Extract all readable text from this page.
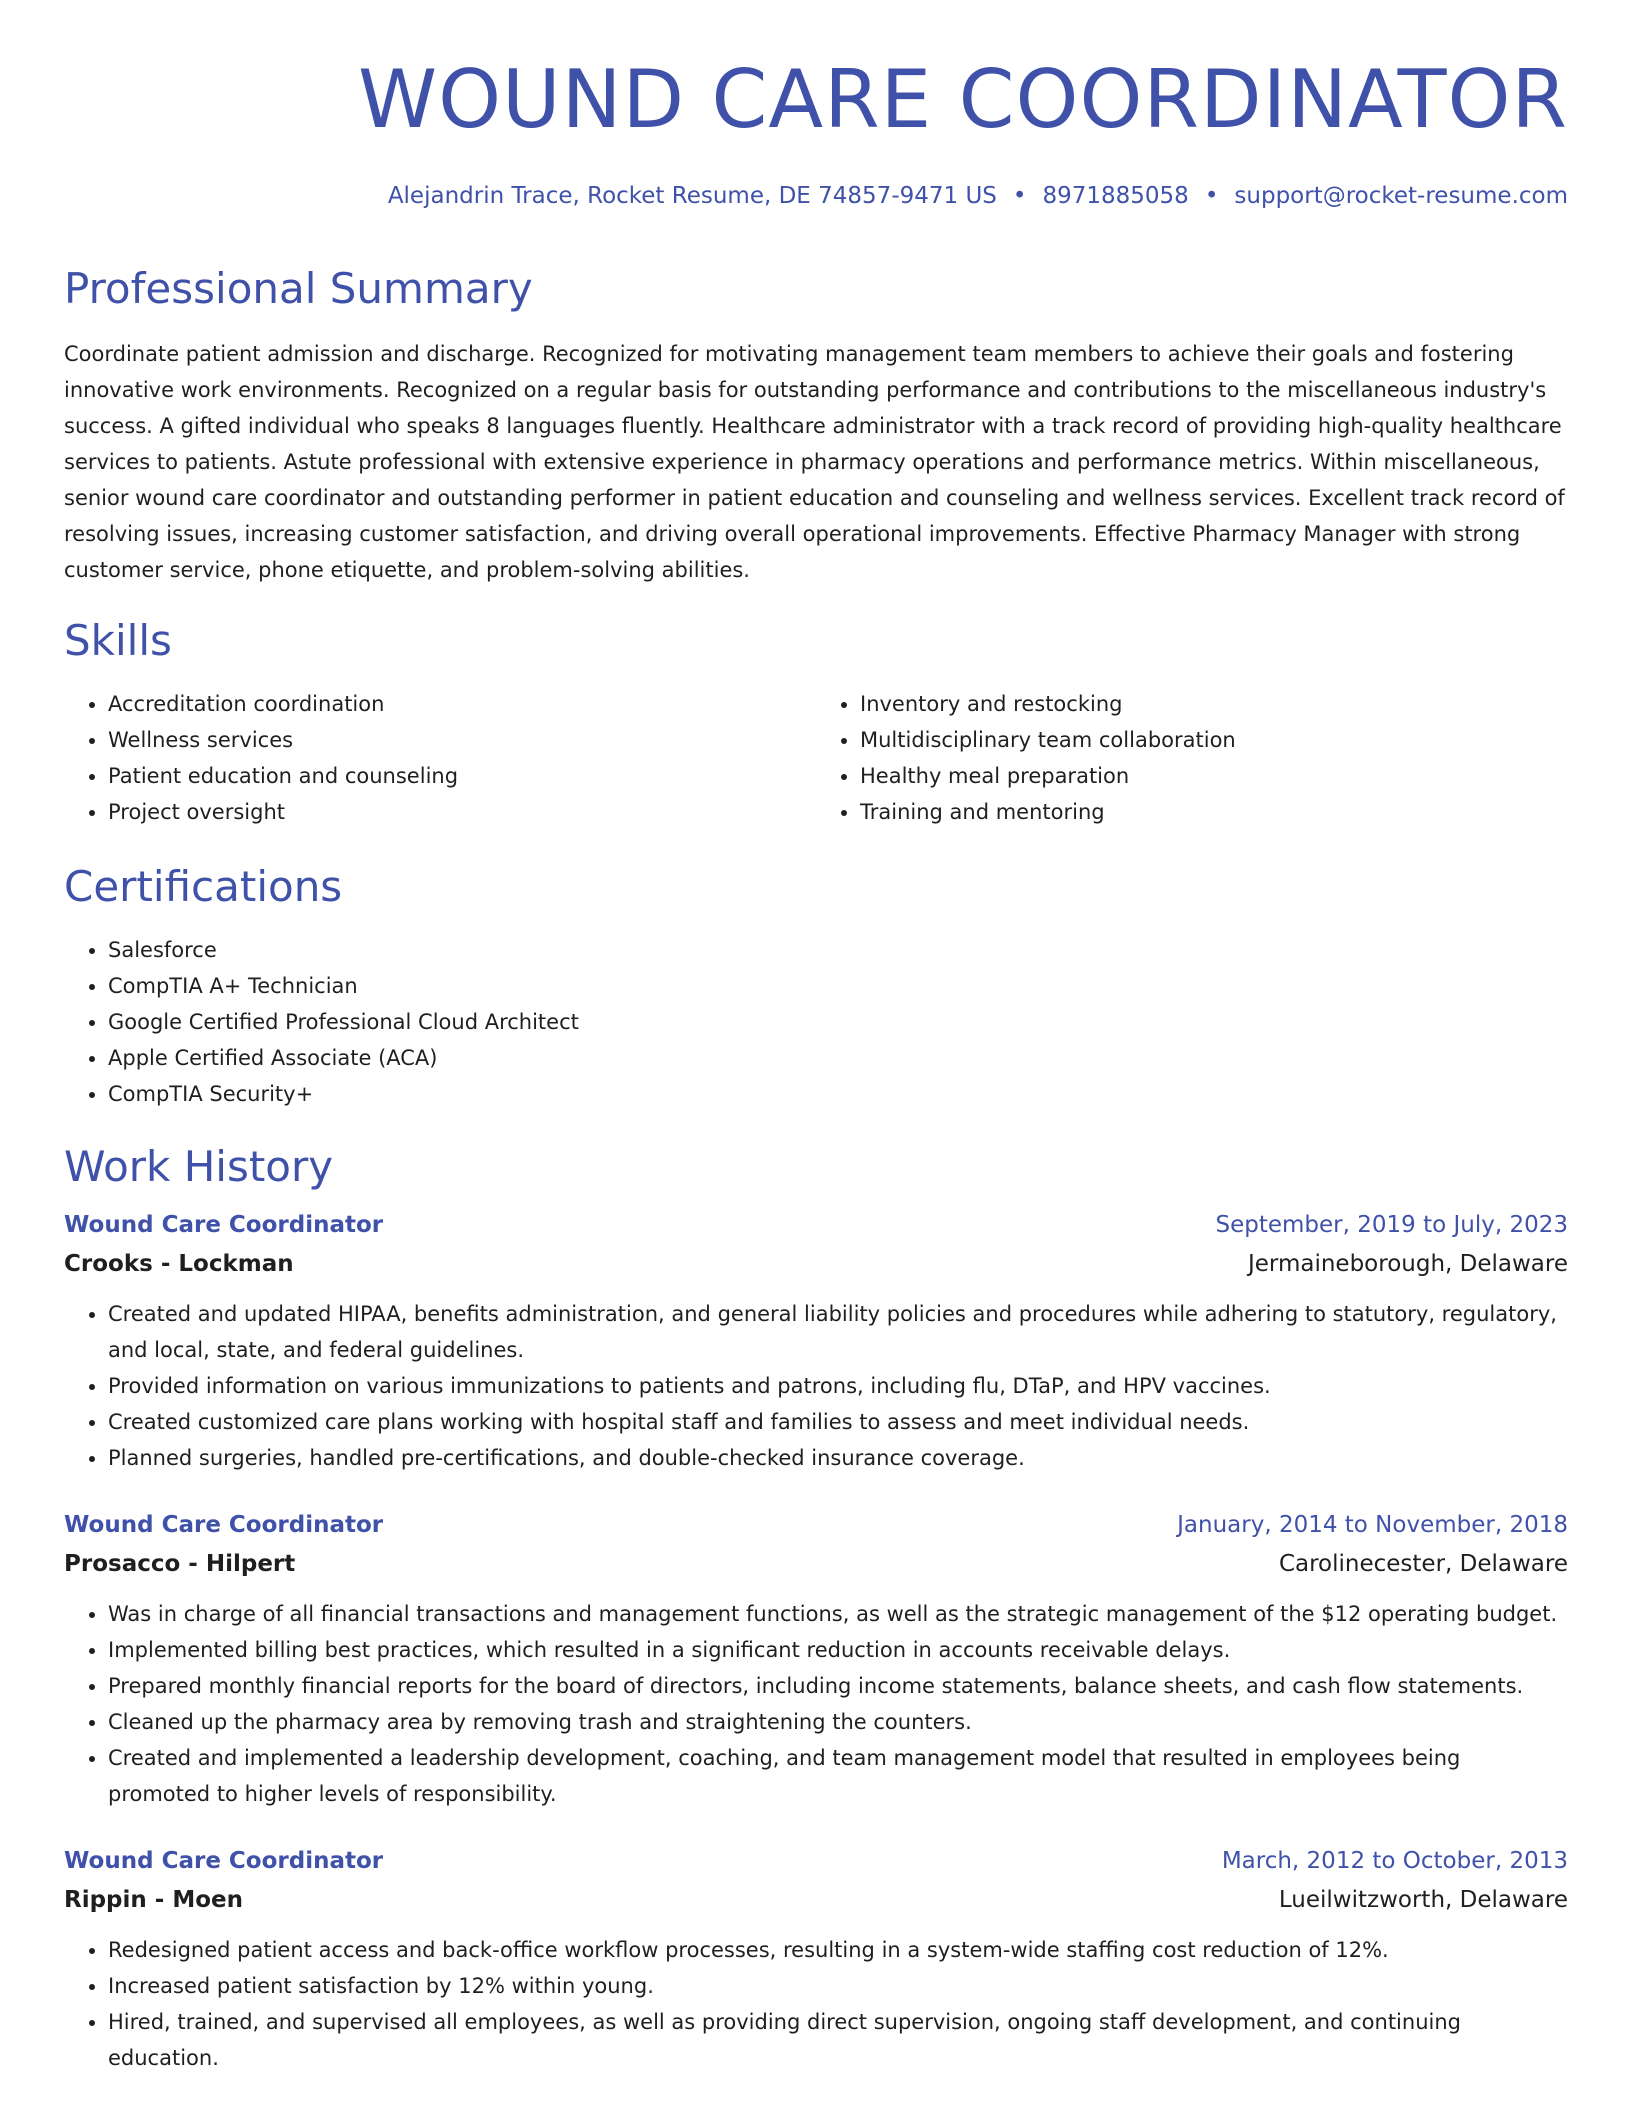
WOUND CARE COORDINATOR
Alejandrin Trace, Rocket Resume, DE 74857-9471 US • 8971885058 • support@rocket-resume.com
Professional Summary

Coordinate patient admission and discharge. Recognized for motivating management team members to achieve their goals and fostering innovative work environments. Recognized on a regular basis for outstanding performance and contributions to the miscellaneous industry's success. A gifted individual who speaks 8 languages fluently. Healthcare administrator with a track record of providing high-quality healthcare services to patients. Astute professional with extensive experience in pharmacy operations and performance metrics. Within miscellaneous, senior wound care coordinator and outstanding performer in patient education and counseling and wellness services. Excellent track record of resolving issues, increasing customer satisfaction, and driving overall operational improvements. Effective Pharmacy Manager with strong customer service, phone etiquette, and problem-solving abilities.

Skills
• Accreditation coordination
• Wellness services
• Patient education and counseling
• Project oversight
• Inventory and restocking
• Multidisciplinary team collaboration
• Healthy meal preparation
• Training and mentoring
Certifications
• Salesforce
• CompTIA A+ Technician
• Google Certified Professional Cloud Architect
• Apple Certified Associate (ACA)
• CompTIA Security+
Work History
Wound Care Coordinator	September, 2019 to July, 2023
Crooks - Lockman	Jermaineborough, Delaware
• Created and updated HIPAA, benefits administration, and general liability policies and procedures while adhering to statutory, regulatory, and local, state, and federal guidelines.
• Provided information on various immunizations to patients and patrons, including flu, DTaP, and HPV vaccines.
• Created customized care plans working with hospital staff and families to assess and meet individual needs.
• Planned surgeries, handled pre-certifications, and double-checked insurance coverage.
Wound Care Coordinator	January, 2014 to November, 2018
Prosacco - Hilpert	Carolinecester, Delaware
• Was in charge of all financial transactions and management functions, as well as the strategic management of the $12 operating budget.
• Implemented billing best practices, which resulted in a significant reduction in accounts receivable delays.
• Prepared monthly financial reports for the board of directors, including income statements, balance sheets, and cash flow statements.
• Cleaned up the pharmacy area by removing trash and straightening the counters.
• Created and implemented a leadership development, coaching, and team management model that resulted in employees being promoted to higher levels of responsibility.
Wound Care Coordinator	March, 2012 to October, 2013
Rippin - Moen	Lueilwitzworth, Delaware
• Redesigned patient access and back-office workflow processes, resulting in a system-wide staffing cost reduction of 12%.
• Increased patient satisfaction by 12% within young.
• Hired, trained, and supervised all employees, as well as providing direct supervision, ongoing staff development, and continuing education.
